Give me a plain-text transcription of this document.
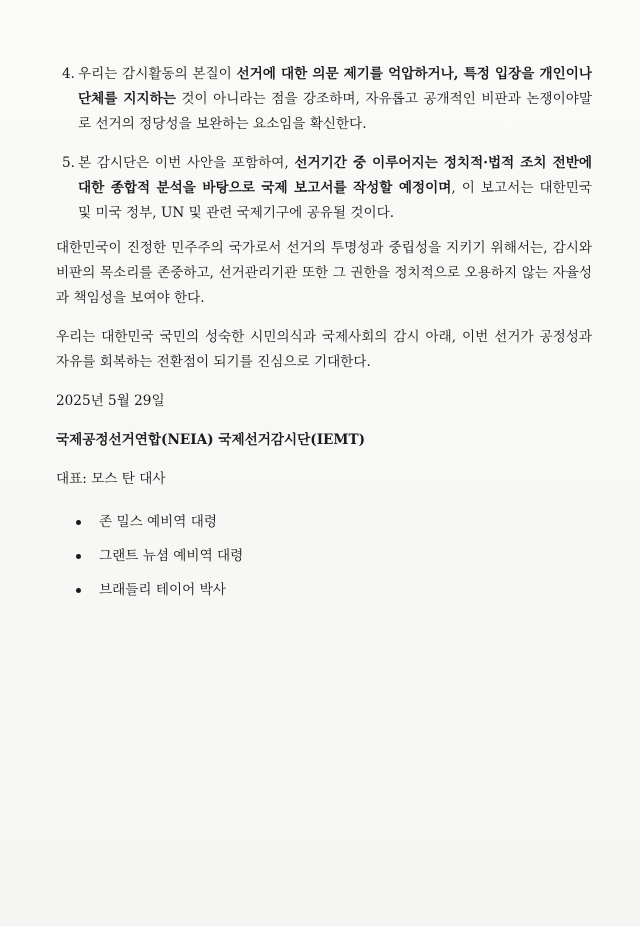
4. 우리는 감시활동의 본질이 선거에 대한 의문 제기를 억압하거나, 특정 입장을 개인이나 단체를 지지하는 것이 아니라는 점을 강조하며, 자유롭고 공개적인 비판과 논쟁이야말로 선거의 정당성을 보완하는 요소임을 확신한다.
5. 본 감시단은 이번 사안을 포함하여, 선거기간 중 이루어지는 정치적·법적 조치 전반에 대한 종합적 분석을 바탕으로 국제 보고서를 작성할 예정이며, 이 보고서는 대한민국 및 미국 정부, UN 및 관련 국제기구에 공유될 것이다.

대한민국이 진정한 민주주의 국가로서 선거의 투명성과 중립성을 지키기 위해서는, 감시와 비판의 목소리를 존중하고, 선거관리기관 또한 그 권한을 정치적으로 오용하지 않는 자율성과 책임성을 보여야 한다.

우리는 대한민국 국민의 성숙한 시민의식과 국제사회의 감시 아래, 이번 선거가 공정성과 자유를 회복하는 전환점이 되기를 진심으로 기대한다.

2025년 5월 29일
국제공정선거연합(NEIA) 국제선거감시단(IEMT)
대표: 모스 탄 대사
존 밀스 예비역 대령
그랜트 뉴셤 예비역 대령
브래들리 테이어 박사
